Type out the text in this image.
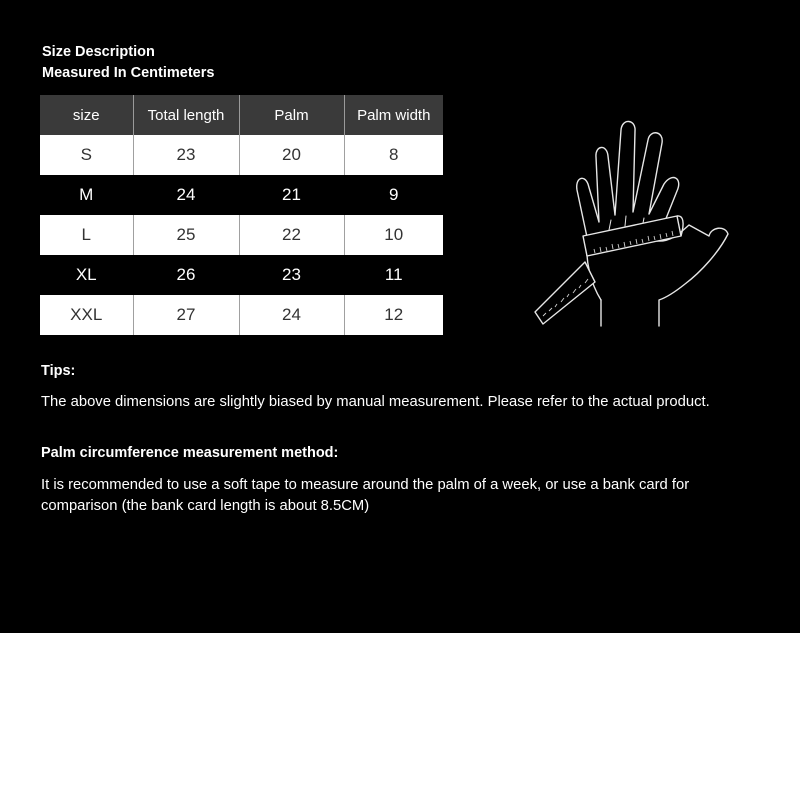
Size Description
Measured In Centimeters
size	Total length	Palm	Palm width
S	23	20	8
M	24	21	9
L	25	22	10
XL	26	23	11
XXL	27	24	12
Tips:
The above dimensions are slightly biased by manual measurement. Please refer to the actual product.
Palm circumference measurement method:
It is recommended to use a soft tape to measure around the palm of a week, or use a bank card for comparison (the bank card length is about 8.5CM)
